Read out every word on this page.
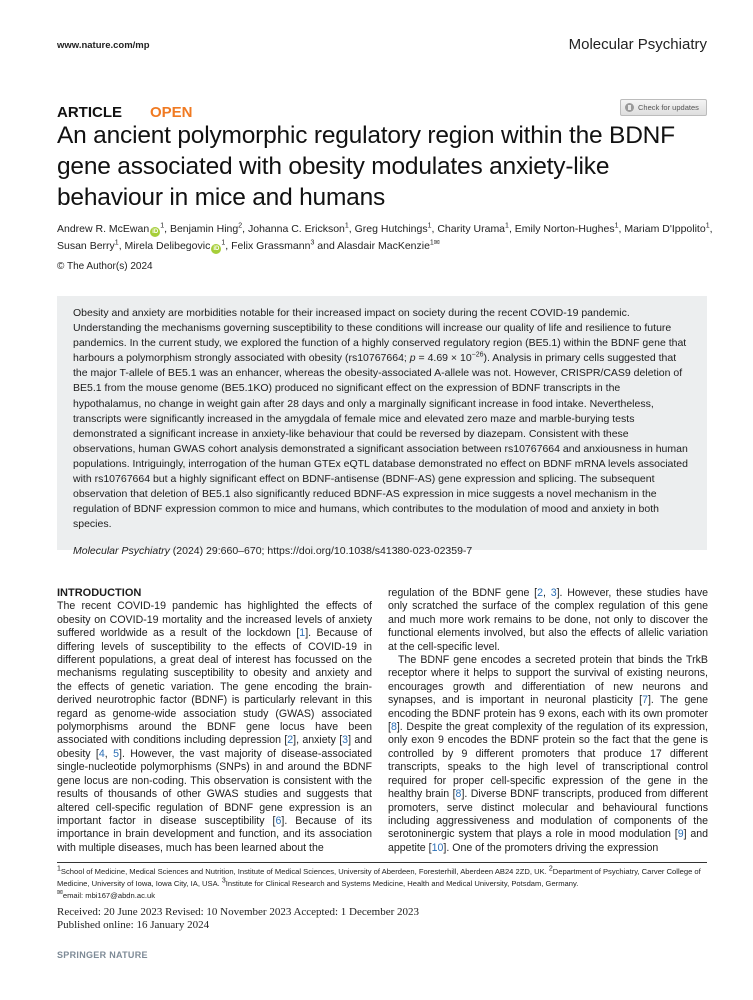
www.nature.com/mp	Molecular Psychiatry
ARTICLE OPEN	Check for updates
An ancient polymorphic regulatory region within the BDNF gene associated with obesity modulates anxiety-like behaviour in mice and humans
Andrew R. McEwan $iD^1$, Benjamin Hing$^2$, Johanna C. Erickson$^1$, Greg Hutchings$^1$, Charity Urama$^1$, Emily Norton-Hughes$^1$, Mariam D'Ippolito$^1$, Susan Berry$^1$, Mirela Delibegovic $iD^1$, Felix Grassmann$^3$ and Alasdair MacKenzie$^{1✉}$
© The Author(s) 2024
Obesity and anxiety are morbidities notable for their increased impact on society during the recent COVID-19 pandemic. Understanding the mechanisms governing susceptibility to these conditions will increase our quality of life and resilience to future pandemics. In the current study, we explored the function of a highly conserved regulatory region (BE5.1) within the BDNF gene that harbours a polymorphism strongly associated with obesity (rs10767664; $p = 4.69 \times 10^{-26}$). Analysis in primary cells suggested that the major T-allele of BE5.1 was an enhancer, whereas the obesity-associated A-allele was not. However, CRISPR/CAS9 deletion of BE5.1 from the mouse genome (BE5.1KO) produced no significant effect on the expression of BDNF transcripts in the hypothalamus, no change in weight gain after 28 days and only a marginally significant increase in food intake. Nevertheless, transcripts were significantly increased in the amygdala of female mice and elevated zero maze and marble-burying tests demonstrated a significant increase in anxiety-like behaviour that could be reversed by diazepam. Consistent with these observations, human GWAS cohort analysis demonstrated a significant association between rs10767664 and anxiousness in human populations. Intriguingly, interrogation of the human GTEx eQTL database demonstrated no effect on BDNF mRNA levels associated with rs10767664 but a highly significant effect on BDNF-antisense (BDNF-AS) gene expression and splicing. The subsequent observation that deletion of BE5.1 also significantly reduced BDNF-AS expression in mice suggests a novel mechanism in the regulation of BDNF expression common to mice and humans, which contributes to the modulation of mood and anxiety in both species.
Molecular Psychiatry (2024) 29:660–670; https://doi.org/10.1038/s41380-023-02359-7
INTRODUCTION
The recent COVID-19 pandemic has highlighted the effects of obesity on COVID-19 mortality and the increased levels of anxiety suffered worldwide as a result of the lockdown [1]. Because of differing levels of susceptibility to the effects of COVID-19 in different populations, a great deal of interest has focussed on the mechanisms regulating susceptibility to obesity and anxiety and the effects of genetic variation. The gene encoding the brain-derived neurotrophic factor (BDNF) is particularly relevant in this regard as genome-wide association study (GWAS) associated polymorphisms around the BDNF gene locus have been associated with conditions including depression [2], anxiety [3] and obesity [4, 5]. However, the vast majority of disease-associated single-nucleotide polymorphisms (SNPs) in and around the BDNF gene locus are non-coding. This observation is consistent with the results of thousands of other GWAS studies and suggests that altered cell-specific regulation of BDNF gene expression is an important factor in disease susceptibility [6]. Because of its importance in brain development and function, and its association with multiple diseases, much has been learned about the
regulation of the BDNF gene [2, 3]. However, these studies have only scratched the surface of the complex regulation of this gene and much more work remains to be done, not only to discover the functional elements involved, but also the effects of allelic variation at the cell-specific level.
The BDNF gene encodes a secreted protein that binds the TrkB receptor where it helps to support the survival of existing neurons, encourages growth and differentiation of new neurons and synapses, and is important in neuronal plasticity [7]. The gene encoding the BDNF protein has 9 exons, each with its own promoter [8]. Despite the great complexity of the regulation of its expression, only exon 9 encodes the BDNF protein so the fact that the gene is controlled by 9 different promoters that produce 17 different transcripts, speaks to the high level of transcriptional control required for proper cell-specific expression of the gene in the healthy brain [8]. Diverse BDNF transcripts, produced from different promoters, serve distinct molecular and behavioural functions including aggressiveness and modulation of components of the serotoninergic system that plays a role in mood modulation [9] and appetite [10]. One of the promoters driving the expression
$^1$School of Medicine, Medical Sciences and Nutrition, Institute of Medical Sciences, University of Aberdeen, Foresterhill, Aberdeen AB24 2ZD, UK. $^2$Department of Psychiatry, Carver College of Medicine, University of Iowa, Iowa City, IA, USA. $^3$Institute for Clinical Research and Systems Medicine, Health and Medical University, Potsdam, Germany.
✉email: mbi167@abdn.ac.uk
Received: 20 June 2023 Revised: 10 November 2023 Accepted: 1 December 2023
Published online: 16 January 2024
SPRINGER NATURE
